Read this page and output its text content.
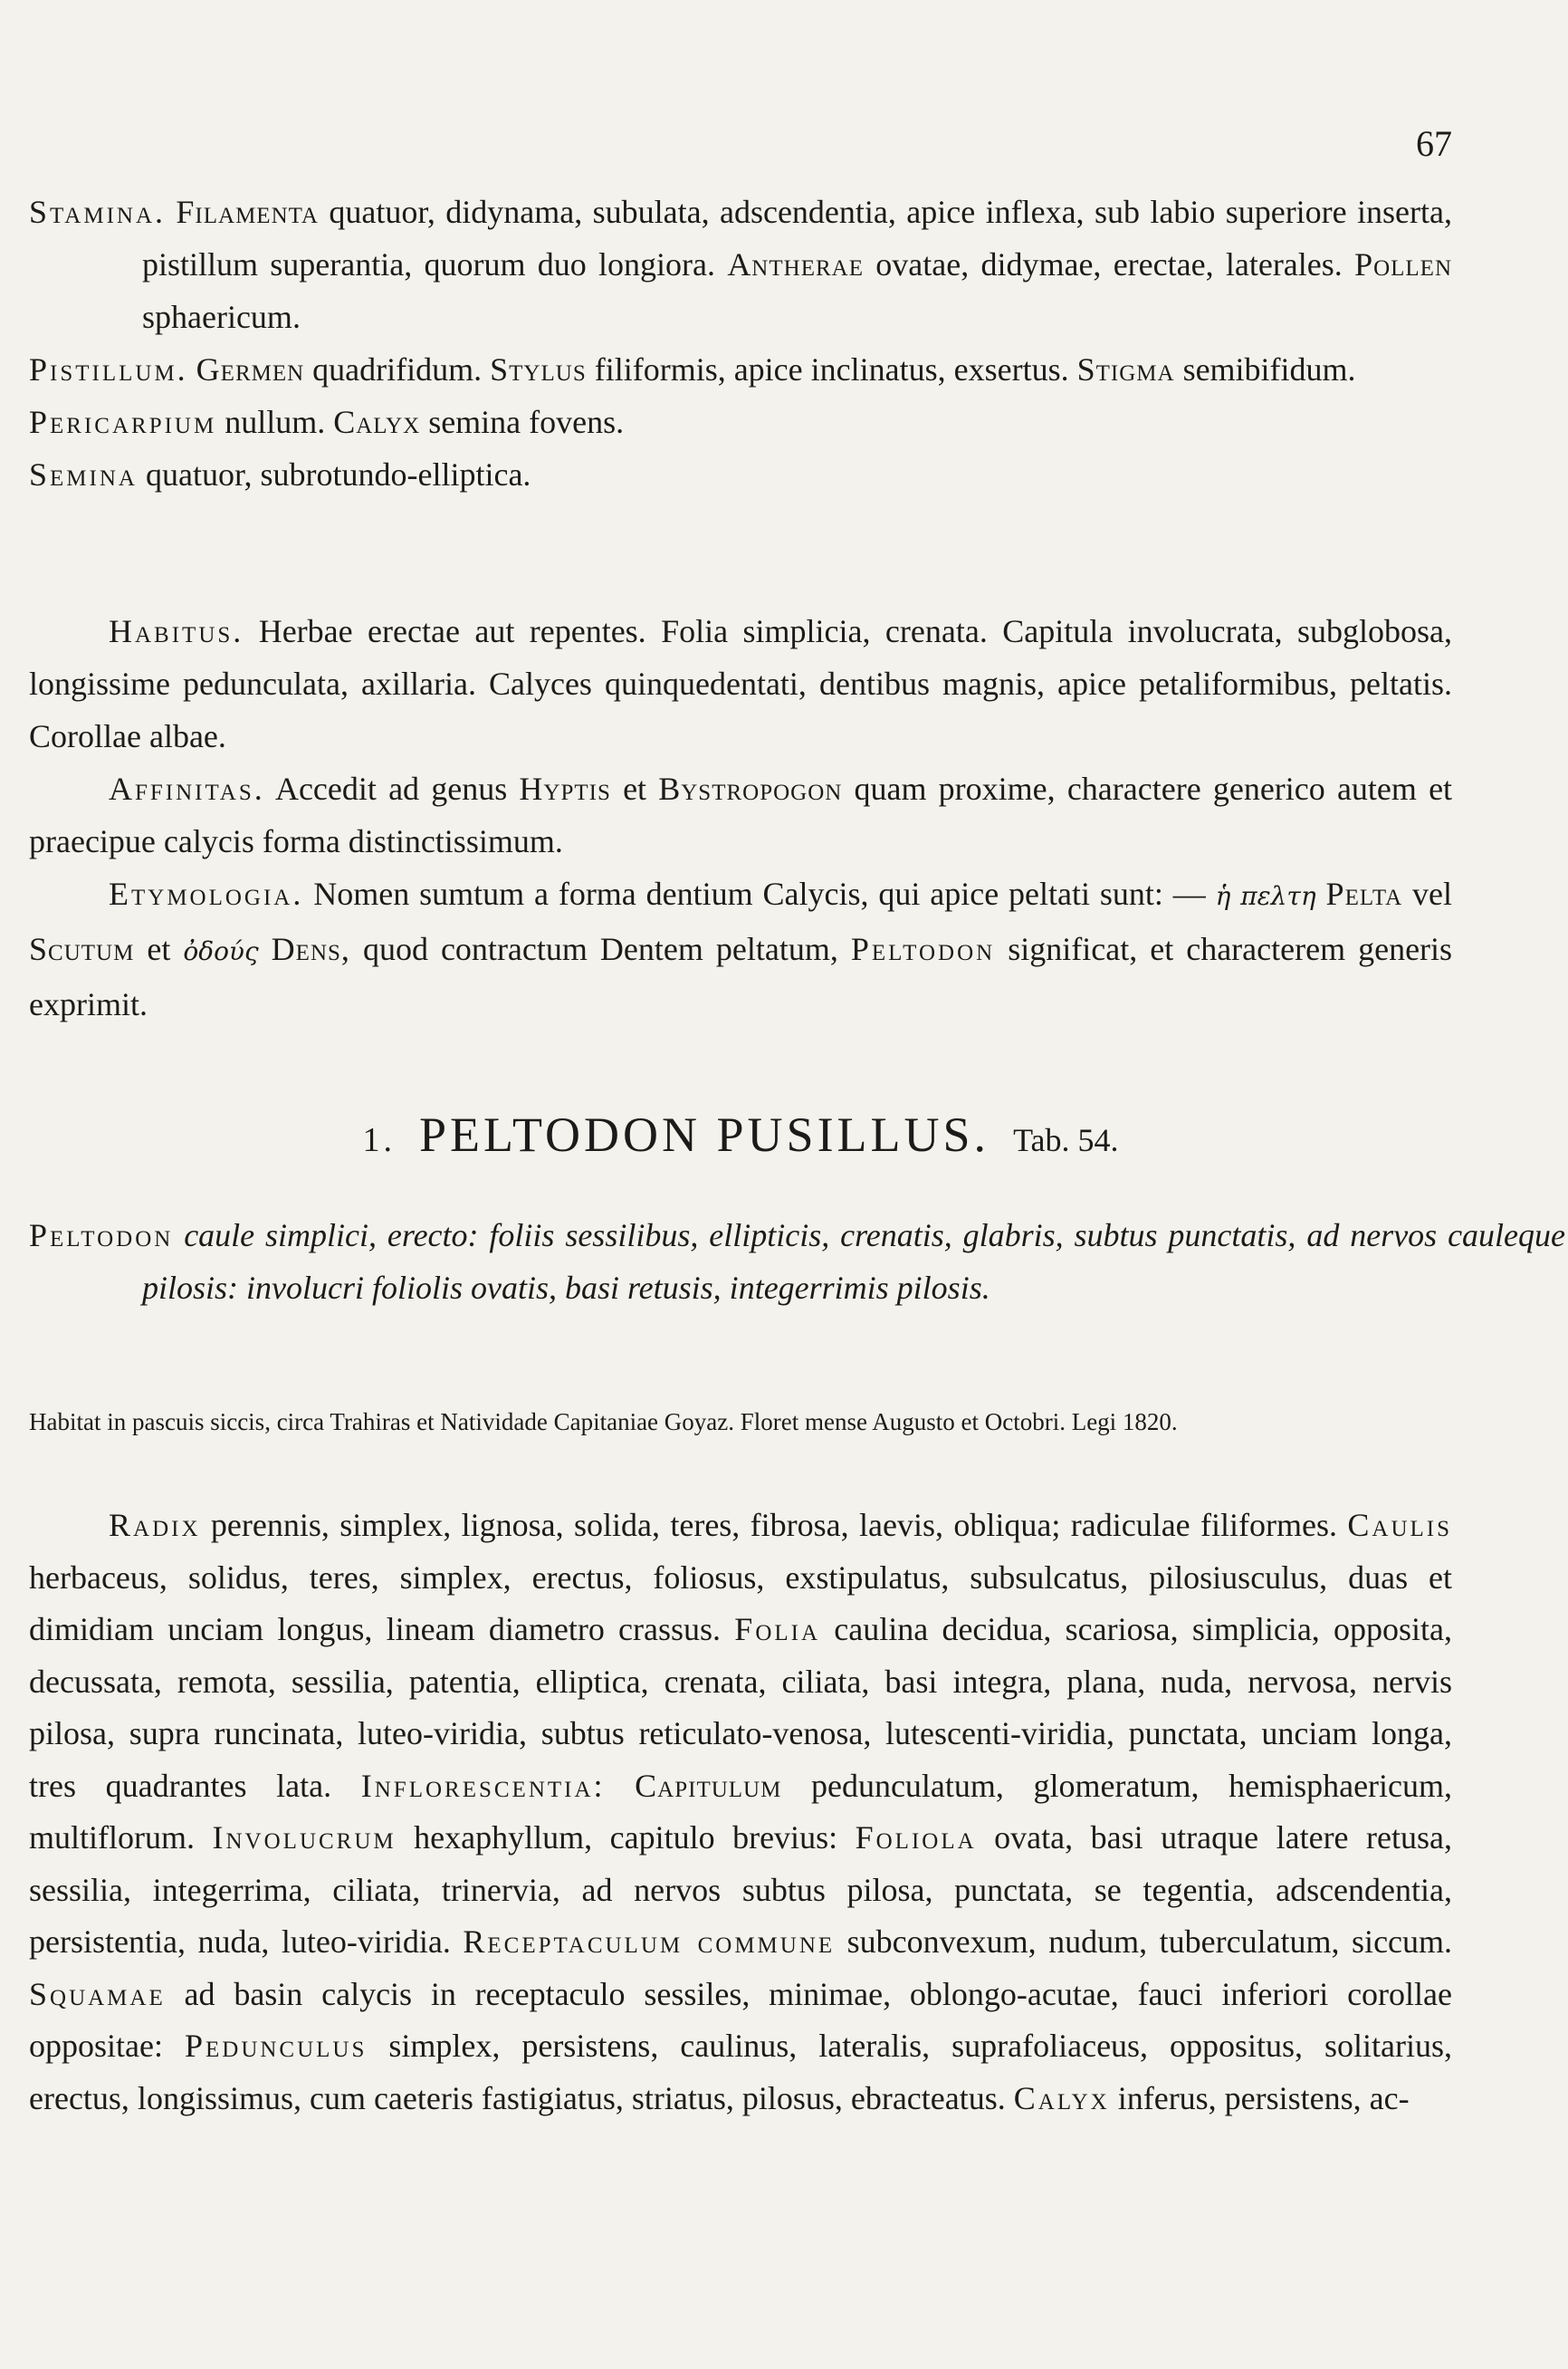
67
Stamina. Filamenta quatuor, didynama, subulata, adscendentia, apice inflexa, sub labio superiore inserta, pistillum superantia, quorum duo longiora. Antherae ovatae, didymae, erectae, laterales. Pollen sphaericum.
Pistillum. Germen quadrifidum. Stylus filiformis, apice inclinatus, exsertus. Stigma semibifidum.
Pericarpium nullum. Calyx semina fovens.
Semina quatuor, subrotundo-elliptica.
Habitus. Herbae erectae aut repentes. Folia simplicia, crenata. Capitula involucrata, subglobosa, longissime pedunculata, axillaria. Calyces quinquedentati, dentibus magnis, apice petaliformibus, peltatis. Corollae albae.
Affinitas. Accedit ad genus Hyptis et Bystropogon quam proxime, charactere generico autem et praecipue calycis forma distinctissimum.
Etymologia. Nomen sumtum a forma dentium Calycis, qui apice peltati sunt: — ἡ πελτη Pelta vel Scutum et ὀδούς Dens, quod contractum Dentem peltatum, Peltodon significat, et characterem generis exprimit.
1. PELTODON PUSILLUS. Tab. 54.
Peltodon caule simplici, erecto: foliis sessilibus, ellipticis, crenatis, glabris, subtus punctatis, ad nervos cauleque pilosis: involucri foliolis ovatis, basi retusis, integerrimis pilosis.
Habitat in pascuis siccis, circa Trahiras et Natividade Capitaniae Goyaz. Floret mense Augusto et Octobri. Legi 1820.
Radix perennis, simplex, lignosa, solida, teres, fibrosa, laevis, obliqua; radiculae filiformes. Caulis herbaceus, solidus, teres, simplex, erectus, foliosus, exstipulatus, subsulcatus, pilosiusculus, duas et dimidiam unciam longus, lineam diametro crassus. Folia caulina decidua, scariosa, simplicia, opposita, decussata, remota, sessilia, patentia, elliptica, crenata, ciliata, basi integra, plana, nuda, nervosa, nervis pilosa, supra runcinata, luteo-viridia, subtus reticulato-venosa, lutescenti-viridia, punctata, unciam longa, tres quadrantes lata. Inflorescentia: Capitulum pedunculatum, glomeratum, hemisphaericum, multiflorum. Involucrum hexaphyllum, capitulo brevius: Foliola ovata, basi utraque latere retusa, sessilia, integerrima, ciliata, trinervia, ad nervos subtus pilosa, punctata, se tegentia, adscendentia, persistentia, nuda, luteo-viridia. Receptaculum commune subconvexum, nudum, tuberculatum, siccum. Squamae ad basin calycis in receptaculo sessiles, minimae, oblongo-acutae, fauci inferiori corollae oppositae: Pedunculus simplex, persistens, caulinus, lateralis, suprafoliaceus, oppositus, solitarius, erectus, longissimus, cum caeteris fastigiatus, striatus, pilosus, ebracteatus. Calyx inferus, persistens, ac-
